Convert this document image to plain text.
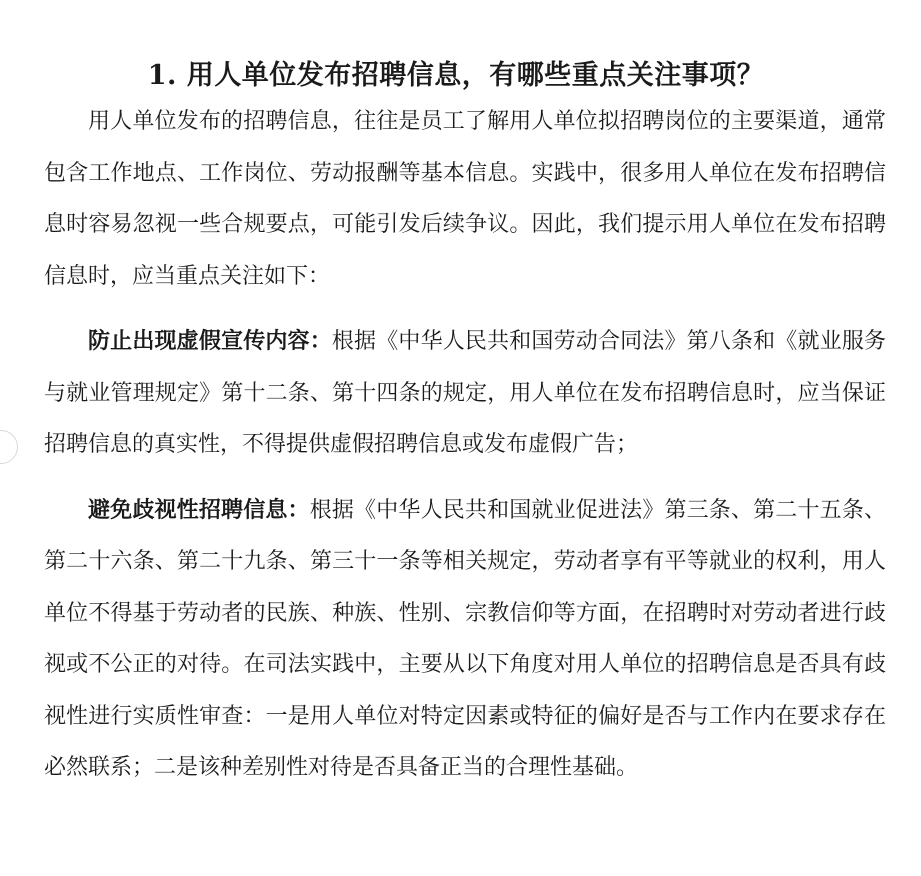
1. 用人单位发布招聘信息，有哪些重点关注事项？

用人单位发布的招聘信息，往往是员工了解用人单位拟招聘岗位的主要渠道，通常包含工作地点、工作岗位、劳动报酬等基本信息。实践中，很多用人单位在发布招聘信息时容易忽视一些合规要点，可能引发后续争议。因此，我们提示用人单位在发布招聘信息时，应当重点关注如下：

防止出现虚假宣传内容：根据《中华人民共和国劳动合同法》第八条和《就业服务与就业管理规定》第十二条、第十四条的规定，用人单位在发布招聘信息时，应当保证招聘信息的真实性，不得提供虚假招聘信息或发布虚假广告；

避免歧视性招聘信息：根据《中华人民共和国就业促进法》第三条、第二十五条、第二十六条、第二十九条、第三十一条等相关规定，劳动者享有平等就业的权利，用人单位不得基于劳动者的民族、种族、性别、宗教信仰等方面，在招聘时对劳动者进行歧视或不公正的对待。在司法实践中，主要从以下角度对用人单位的招聘信息是否具有歧视性进行实质性审查：一是用人单位对特定因素或特征的偏好是否与工作内在要求存在必然联系；二是该种差别性对待是否具备正当的合理性基础。
